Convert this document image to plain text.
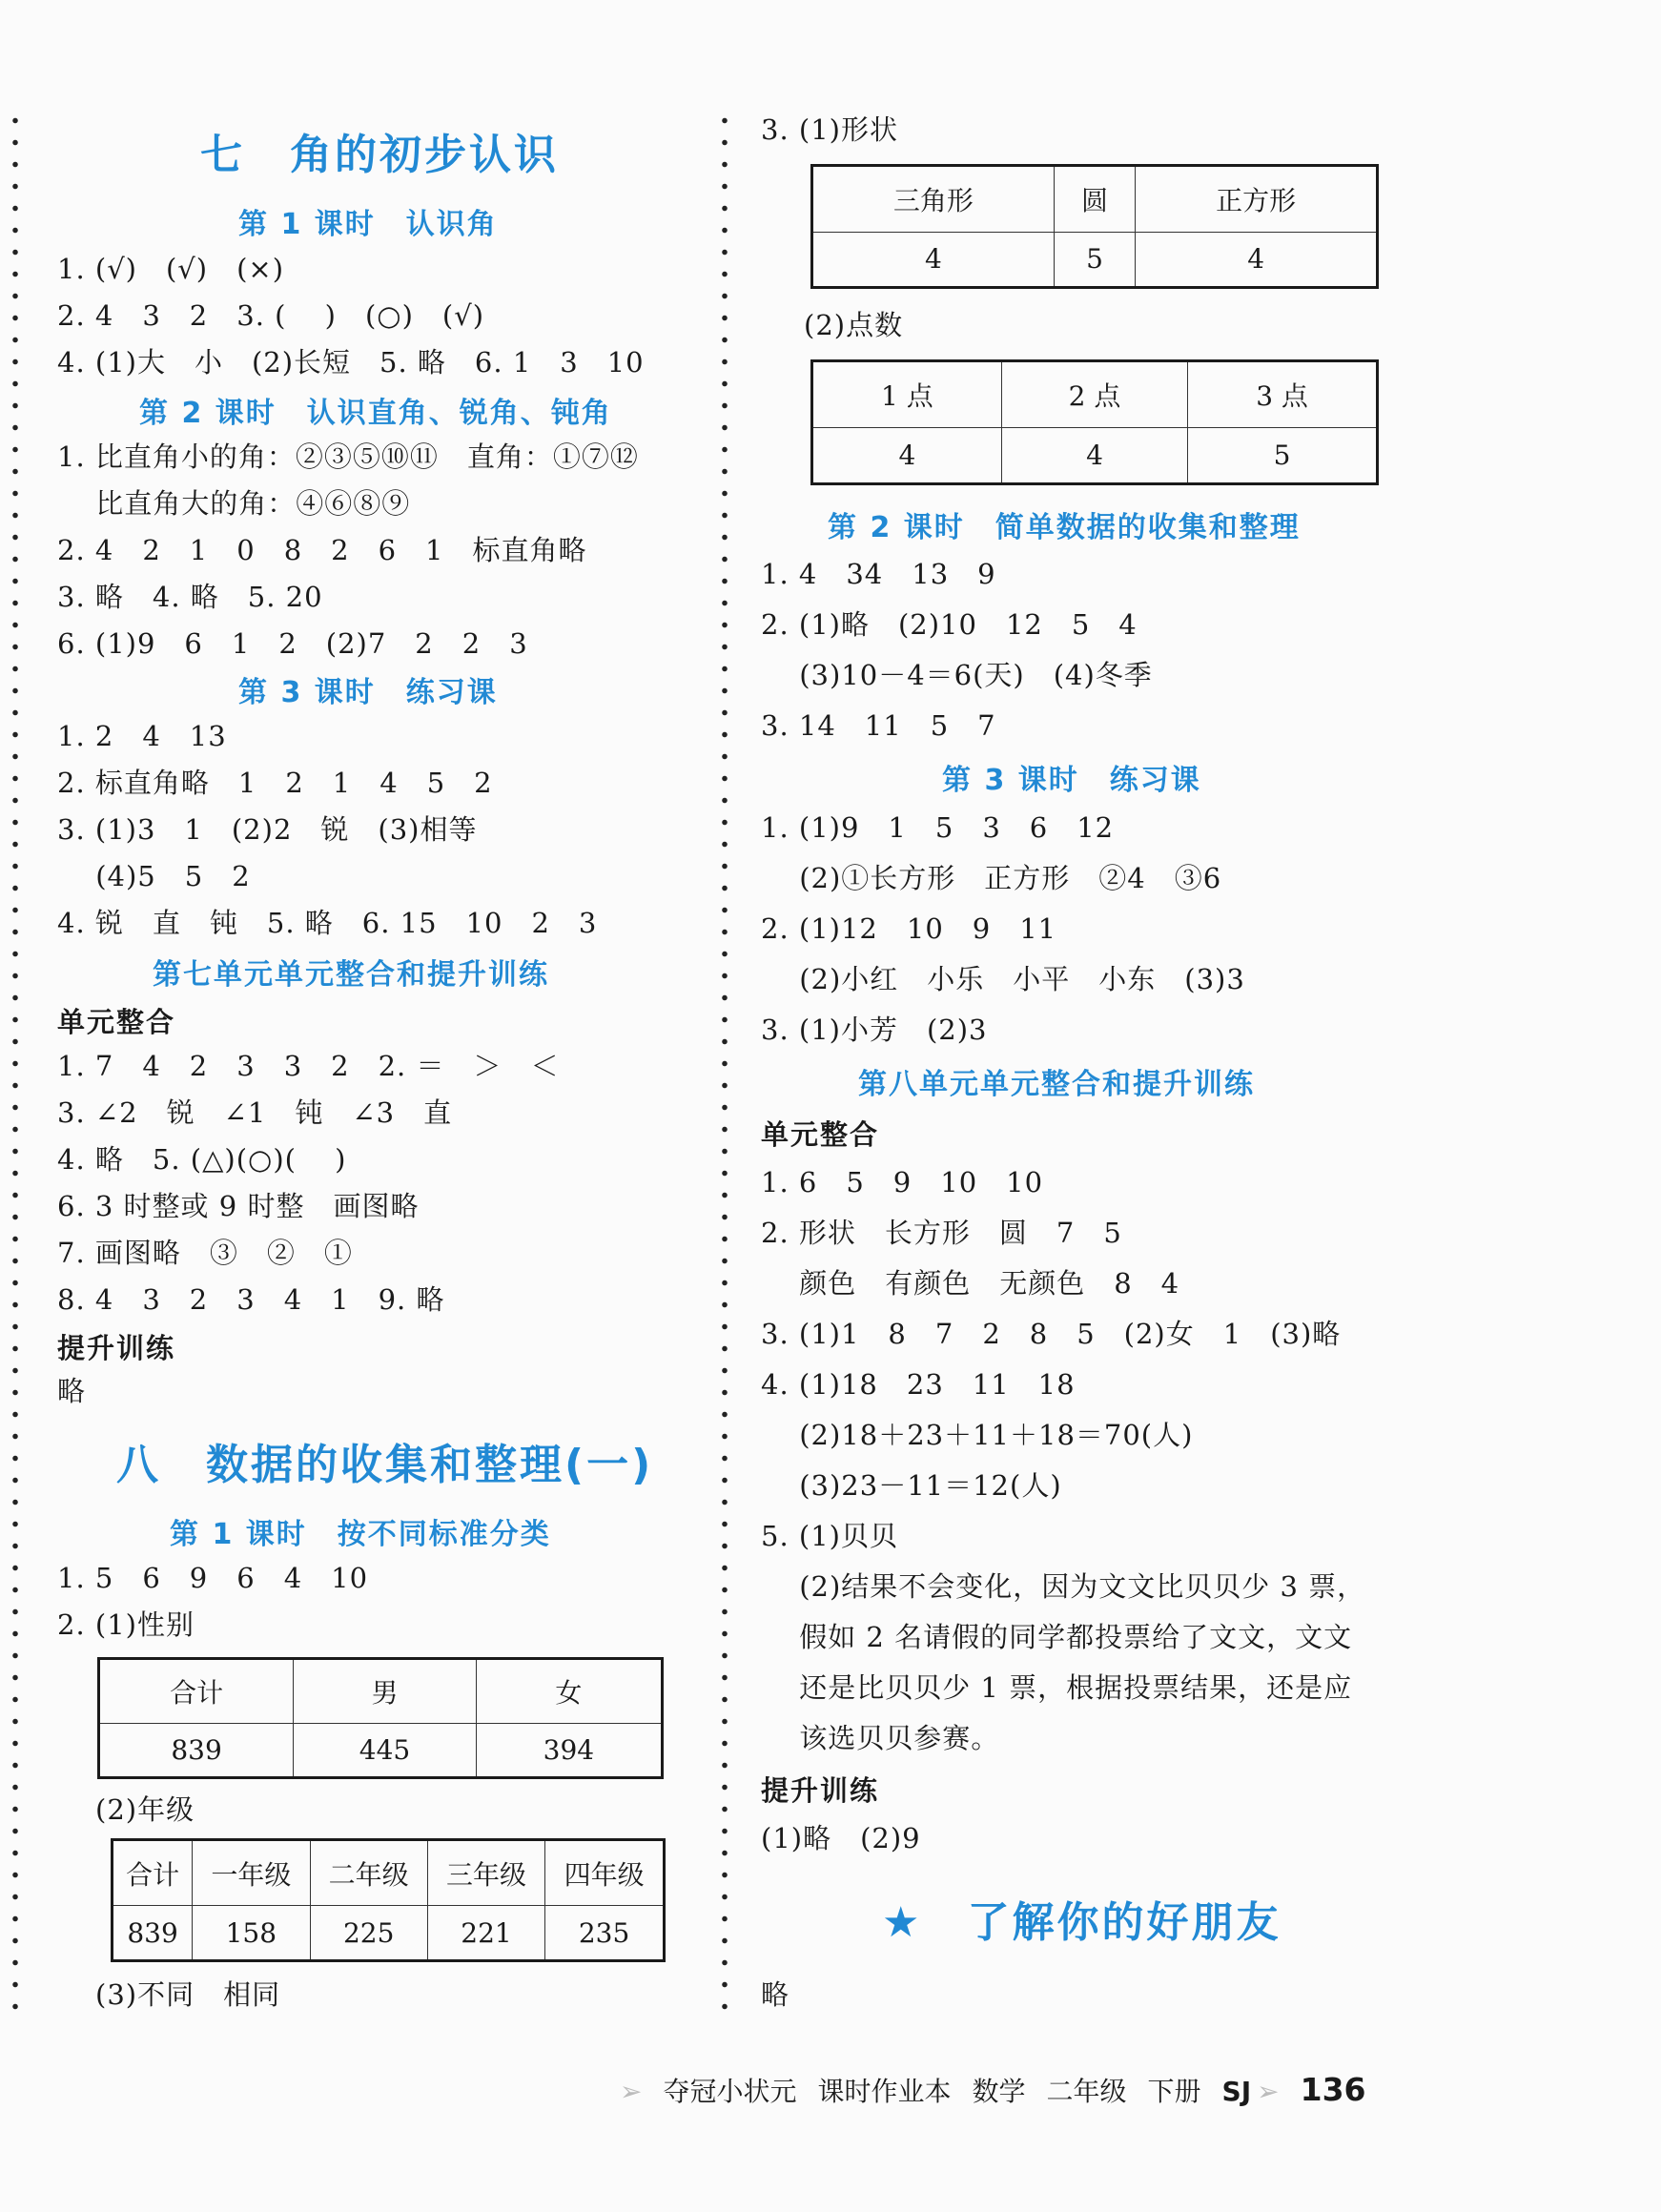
七　角的初步认识
第 1 课时　认识角
1. (√)　(√)　(×)
2. 4　3　2　3. ( 　)　(○)　(√)
4. (1)大　小　(2)长短　5. 略　6. 1　3　10
第 2 课时　认识直角、锐角、钝角
1. 比直角小的角：②③⑤⑩⑪　直角：①⑦⑫
　 比直角大的角：④⑥⑧⑨
2. 4　2　1　0　8　2　6　1　标直角略
3. 略　4. 略　5. 20
6. (1)9　6　1　2　(2)7　2　2　3
第 3 课时　练习课
1. 2　4　13
2. 标直角略　1　2　1　4　5　2
3. (1)3　1　(2)2　锐　(3)相等
　 (4)5　5　2
4. 锐　直　钝　5. 略　6. 15　10　2　3
第七单元单元整合和提升训练
单元整合
1. 7　4　2　3　3　2　2. ＝　＞　＜
3. ∠2　锐　∠1　钝　∠3　直
4. 略　5. (△)(○)( 　)
6. 3 时整或 9 时整　画图略
7. 画图略　③　②　①
8. 4　3　2　3　4　1　9. 略
提升训练
略
八　数据的收集和整理(一)
第 1 课时　按不同标准分类
1. 5　6　9　6　4　10
2. (1)性别
合计	男	女
839	445	394
(2)年级
合计	一年级	二年级	三年级	四年级
839	158	225	221	235
(3)不同　相同
3. (1)形状
三角形	圆	正方形
4	5	4
(2)点数
1 点	2 点	3 点
4	4	5
第 2 课时　简单数据的收集和整理
1. 4　34　13　9
2. (1)略　(2)10　12　5　4
　 (3)10－4＝6(天)　(4)冬季
3. 14　11　5　7
第 3 课时　练习课
1. (1)9　1　5　3　6　12
　 (2)①长方形　正方形　②4　③6
2. (1)12　10　9　11
　 (2)小红　小乐　小平　小东　(3)3
3. (1)小芳　(2)3
第八单元单元整合和提升训练
单元整合
1. 6　5　9　10　10
2. 形状　长方形　圆　7　5
　 颜色　有颜色　无颜色　8　4
3. (1)1　8　7　2　8　5　(2)女　1　(3)略
4. (1)18　23　11　18
　 (2)18＋23＋11＋18＝70(人)
　 (3)23－11＝12(人)
5. (1)贝贝
　 (2)结果不会变化，因为文文比贝贝少 3 票，
　 假如 2 名请假的同学都投票给了文文，文文
　 还是比贝贝少 1 票，根据投票结果，还是应
　 该选贝贝参赛。
提升训练
(1)略　(2)9
★　了解你的好朋友
略
➢ 夺冠小状元 课时作业本 数学 二年级 下册 SJ ➢ 136
